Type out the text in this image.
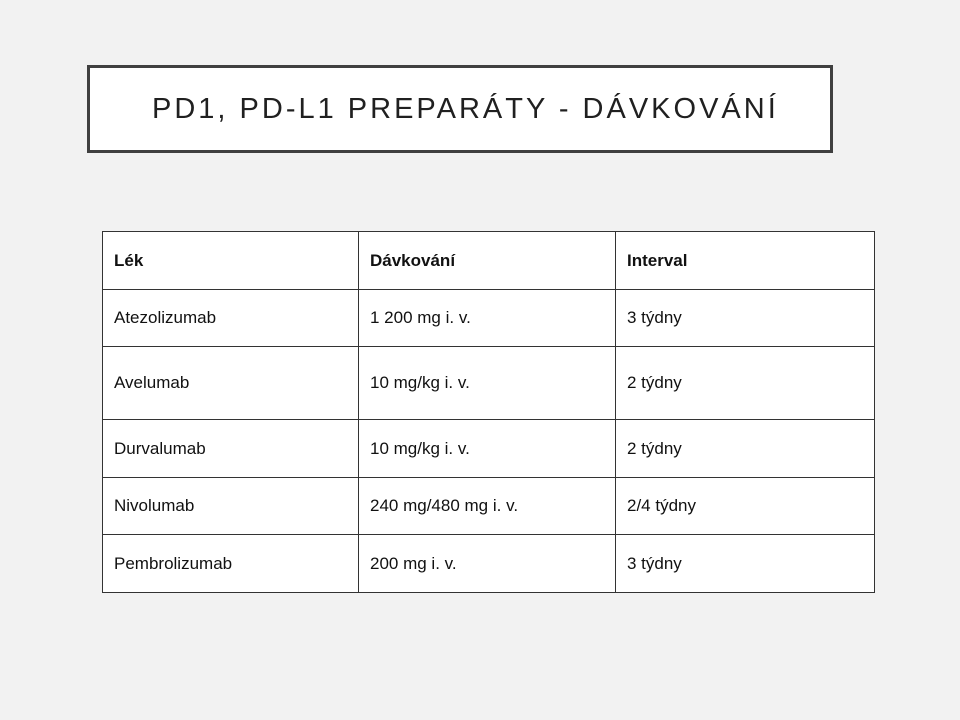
PD1, PD-L1 PREPARÁTY - DÁVKOVÁNÍ
Lék	Dávkování	Interval
Atezolizumab	1 200 mg i. v.	3 týdny
Avelumab	10 mg/kg i. v.	2 týdny
Durvalumab	10 mg/kg i. v.	2 týdny
Nivolumab	240 mg/480 mg i. v.	2/4 týdny
Pembrolizumab	200 mg i. v.	3 týdny
